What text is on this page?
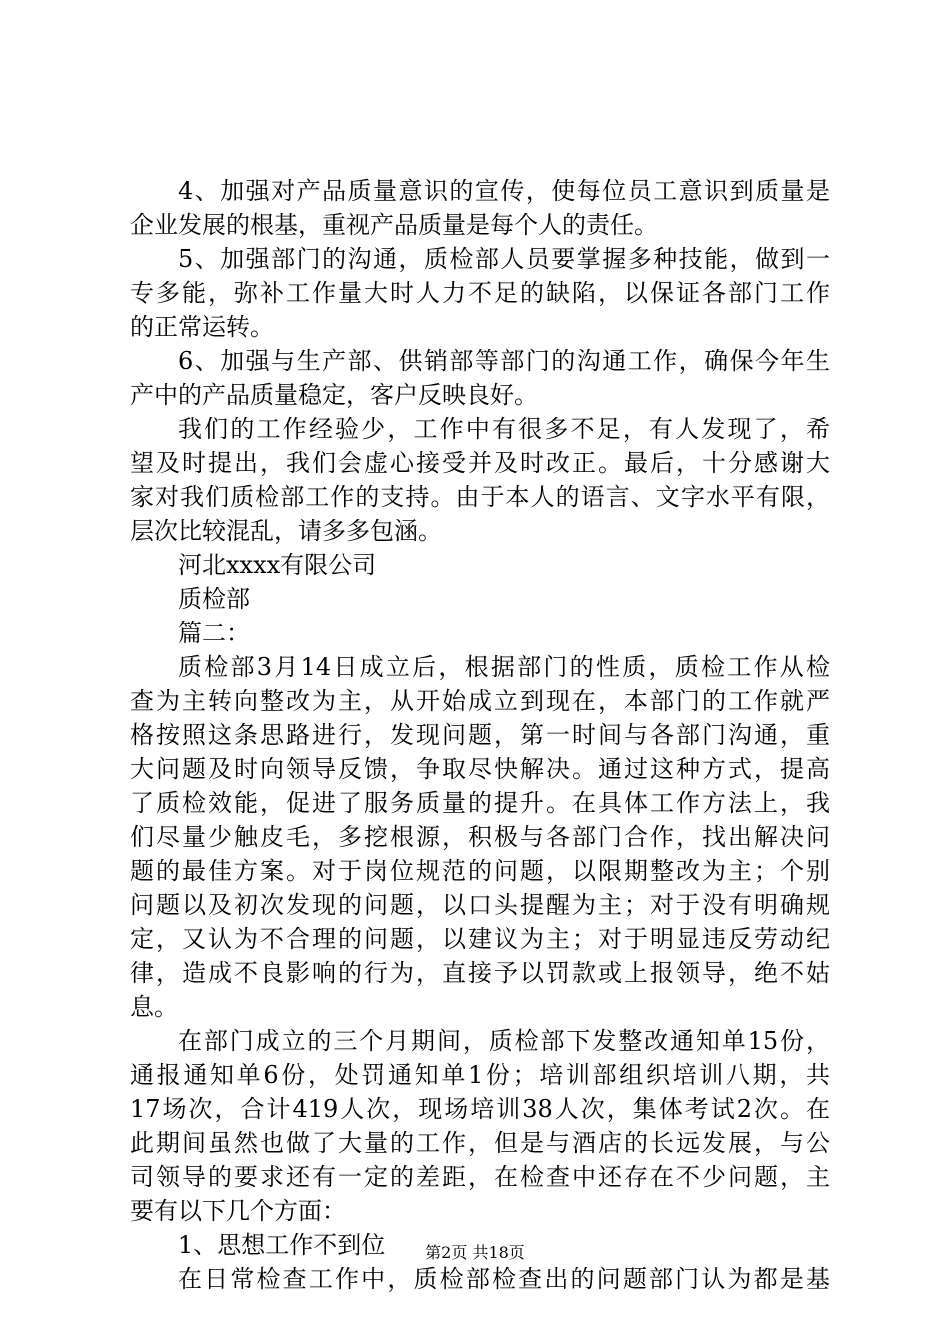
4、加强对产品质量意识的宣传，使每位员工意识到质量是
企业发展的根基，重视产品质量是每个人的责任。
5、加强部门的沟通，质检部人员要掌握多种技能，做到一
专多能，弥补工作量大时人力不足的缺陷，以保证各部门工作
的正常运转。
6、加强与生产部、供销部等部门的沟通工作，确保今年生
产中的产品质量稳定，客户反映良好。
我们的工作经验少，工作中有很多不足，有人发现了，希
望及时提出，我们会虚心接受并及时改正。最后，十分感谢大
家对我们质检部工作的支持。由于本人的语言、文字水平有限，
层次比较混乱，请多多包涵。
河北xxxx有限公司
质检部
篇二：
质检部3月14日成立后，根据部门的性质，质检工作从检
查为主转向整改为主，从开始成立到现在，本部门的工作就严
格按照这条思路进行，发现问题，第一时间与各部门沟通，重
大问题及时向领导反馈，争取尽快解决。通过这种方式，提高
了质检效能，促进了服务质量的提升。在具体工作方法上，我
们尽量少触皮毛，多挖根源，积极与各部门合作，找出解决问
题的最佳方案。对于岗位规范的问题，以限期整改为主；个别
问题以及初次发现的问题，以口头提醒为主；对于没有明确规
定，又认为不合理的问题，以建议为主；对于明显违反劳动纪
律，造成不良影响的行为，直接予以罚款或上报领导，绝不姑
息。
在部门成立的三个月期间，质检部下发整改通知单15份，
通报通知单6份，处罚通知单1份；培训部组织培训八期，共
17场次，合计419人次，现场培训38人次，集体考试2次。在
此期间虽然也做了大量的工作，但是与酒店的长远发展，与公
司领导的要求还有一定的差距，在检查中还存在不少问题，主
要有以下几个方面：
1、思想工作不到位
在日常检查工作中，质检部检查出的问题部门认为都是基
第2页 共18页
